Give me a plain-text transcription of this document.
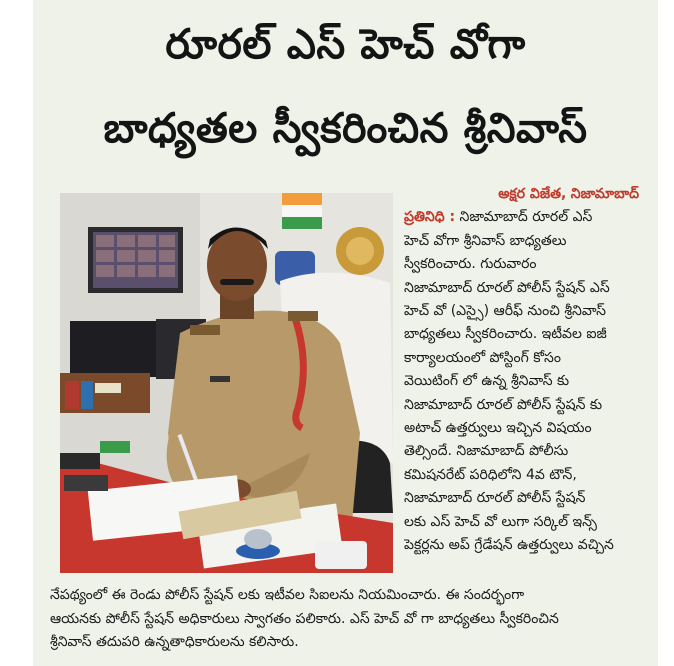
రూరల్ ఎస్ హెచ్ వోగా
బాధ్యతల స్వీకరించిన శ్రీనివాస్
అక్షర విజేత, నిజామాబాద్
ప్రతినిధి : నిజామాబాద్ రూరల్ ఎస్
హెచ్ వోగా శ్రీనివాస్ బాధ్యతలు
స్వీకరించారు. గురువారం
నిజామాబాద్ రూరల్ పోలీస్ స్టేషన్ ఎస్
హెచ్ వో (ఎస్సై) ఆరీఫ్ నుంచి శ్రీనివాస్
బాధ్యతలు స్వీకరించారు. ఇటీవల ఐజీ
కార్యాలయంలో పోస్టింగ్ కోసం
వెయిటింగ్ లో ఉన్న శ్రీనివాస్ కు
నిజామాబాద్ రూరల్ పోలీస్ స్టేషన్ కు
అటాచ్ ఉత్తర్వులు ఇచ్చిన విషయం
తెల్సిందే. నిజామాబాద్ పోలీసు
కమిషనరేట్ పరిధిలోని 4వ టౌన్,
నిజామాబాద్ రూరల్ పోలీస్ స్టేషన్
లకు ఎస్ హెచ్ వో లుగా సర్కిల్ ఇన్స్
పెక్టర్లను అప్ గ్రేడేషన్ ఉత్తర్వులు వచ్చిన
నేపథ్యంలో ఈ రెండు పోలీస్ స్టేషన్ లకు ఇటీవల సిఐలను నియమించారు. ఈ సందర్భంగా
ఆయనకు పోలీస్ స్టేషన్ అధికారులు స్వాగతం పలికారు. ఎస్ హెచ్ వో గా బాధ్యతలు స్వీకరించిన
శ్రీనివాస్ తదుపరి ఉన్నతాధికారులను కలిసారు.
